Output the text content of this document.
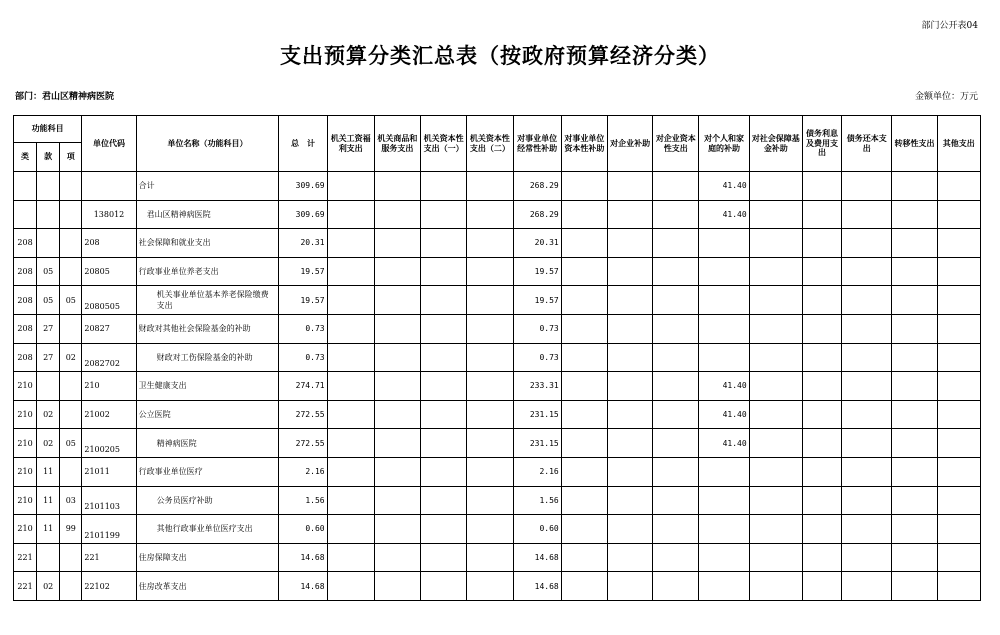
部门公开表04
支出预算分类汇总表（按政府预算经济分类）
部门：君山区精神病医院	金额单位：万元
功能科目			单位代码	单位名称（功能科目）	总　计	机关工资福利支出	机关商品和服务支出	机关资本性支出（一）	机关资本性支出（二）	对事业单位经常性补助	对事业单位资本性补助	对企业补助	对企业资本性支出	对个人和家庭的补助	对社会保障基金补助	债务利息及费用支出	债务还本支出	转移性支出	其他支出
类	款	项																	
				合计	309.69					268.29				41.40					
			138012	君山区精神病医院	309.69					268.29				41.40					
208			208	社会保障和就业支出	20.31					20.31									
208	05		20805	行政事业单位养老支出	19.57					19.57									
208	05	05	2080505	机关事业单位基本养老保险缴费支出	19.57					19.57									
208	27		20827	财政对其他社会保险基金的补助	0.73					0.73									
208	27	02	2082702	财政对工伤保险基金的补助	0.73					0.73									
210			210	卫生健康支出	274.71					233.31				41.40					
210	02		21002	公立医院	272.55					231.15				41.40					
210	02	05	2100205	精神病医院	272.55					231.15				41.40					
210	11		21011	行政事业单位医疗	2.16					2.16									
210	11	03	2101103	公务员医疗补助	1.56					1.56									
210	11	99	2101199	其他行政事业单位医疗支出	0.60					0.60									
221			221	住房保障支出	14.68					14.68									
221	02		22102	住房改革支出	14.68					14.68									
